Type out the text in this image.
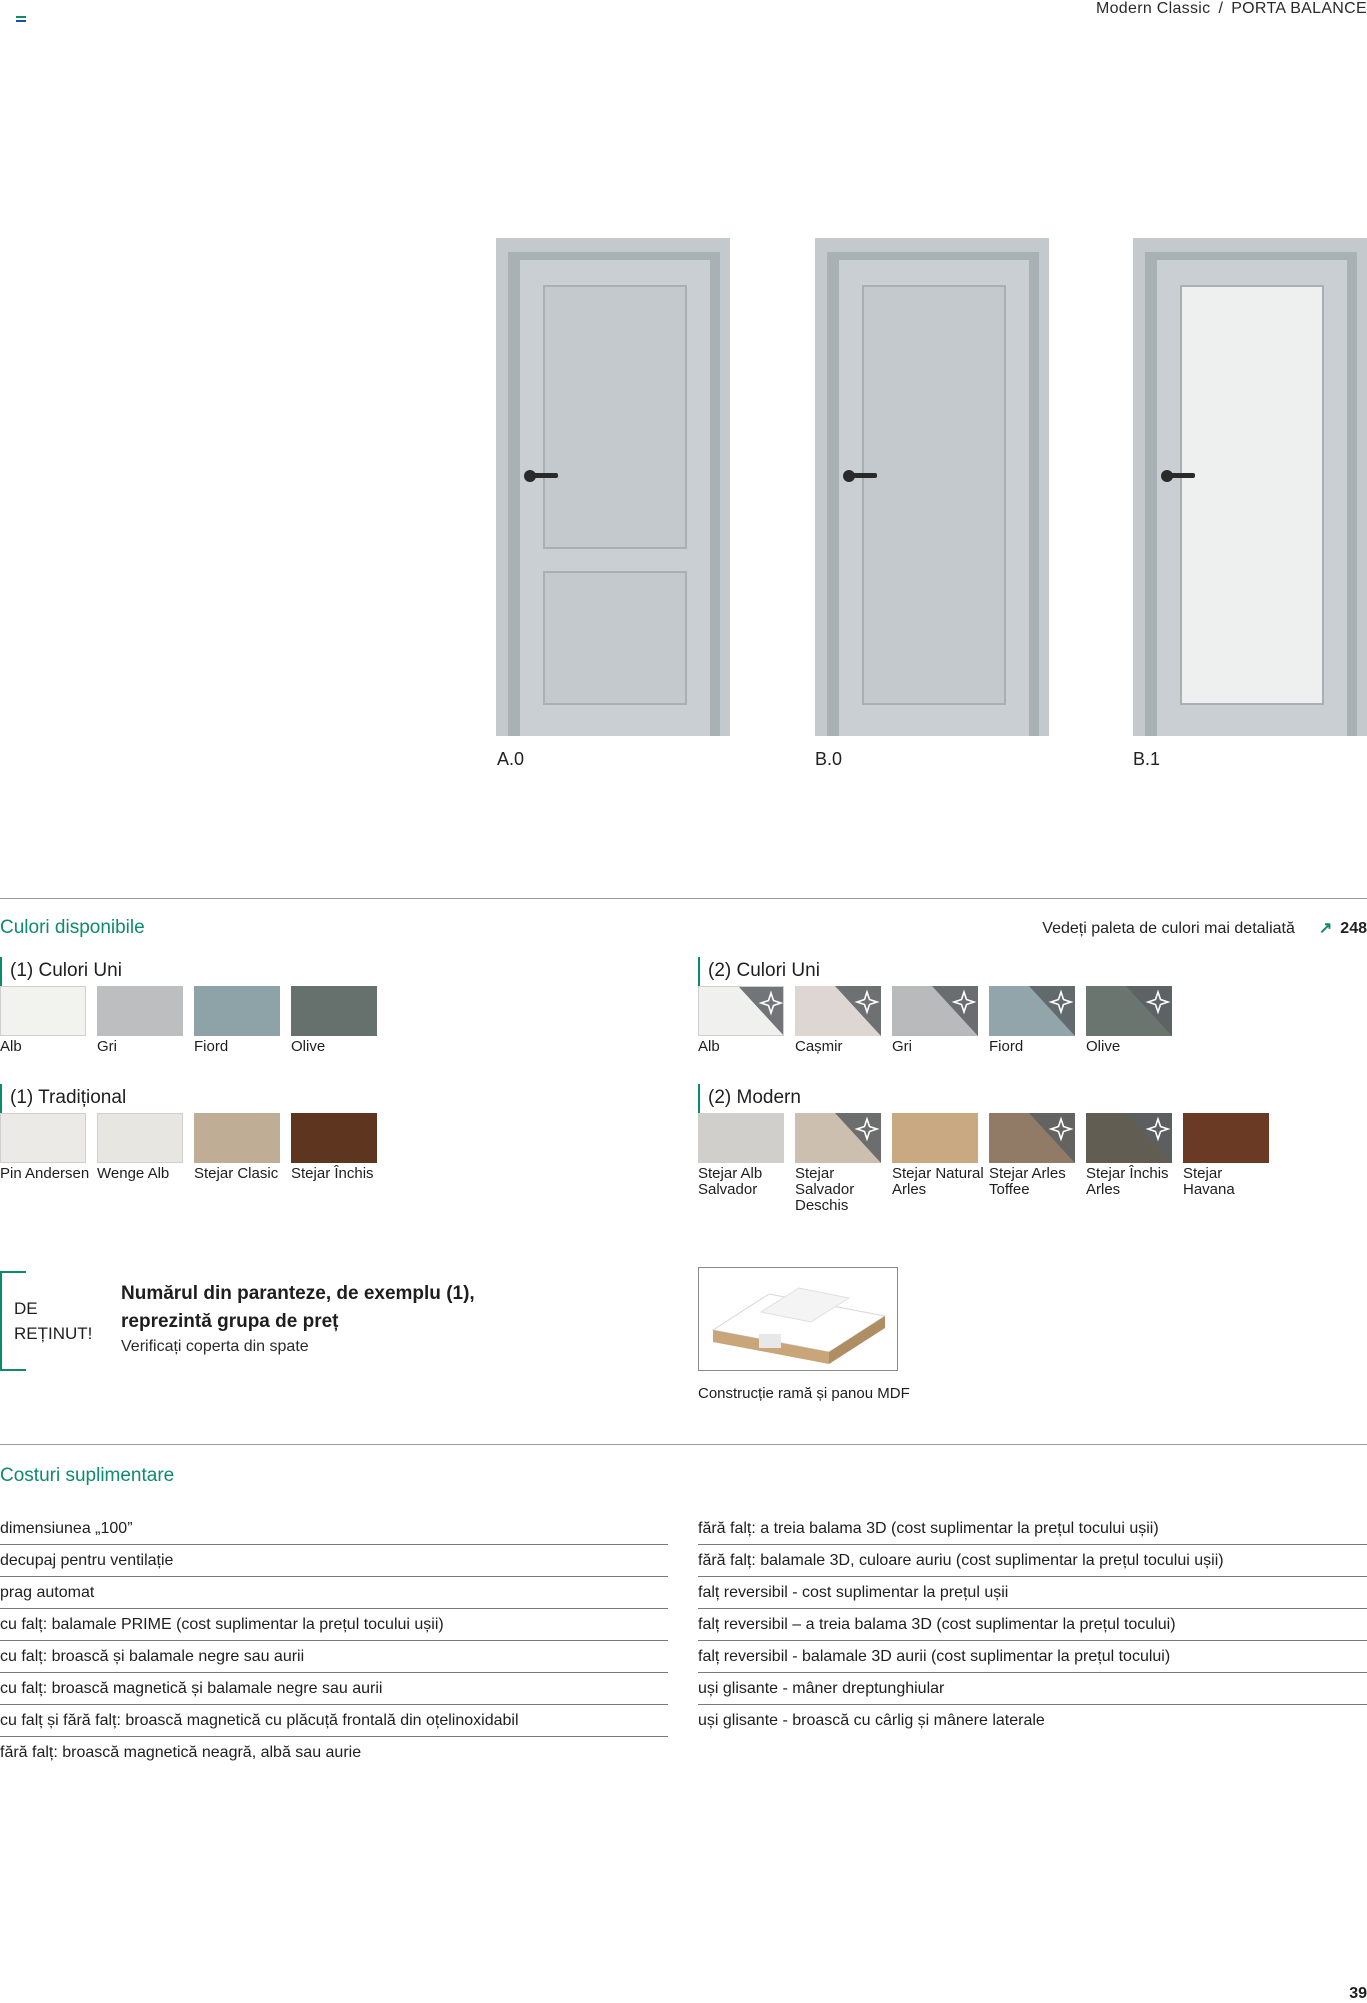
Modern Classic / PORTA BALANCE
A.0	B.0	B.1
Culori disponibile	Vedeți paleta de culori mai detaliată ↗ 248
(1) Culori Uni
Alb	Gri	Fiord	Olive
(2) Culori Uni
Alb	Cașmir	Gri	Fiord	Olive
(1) Tradițional
Pin Andersen Wenge Alb	Stejar Clasic Stejar Închis
(2) Modern
Stejar Alb Salvador
Stejar Salvador Deschis
Stejar Natural Arles
Stejar Arles Toffee
Stejar Închis Arles
Stejar Havana
DE
REȚINUT!
Numărul din paranteze, de exemplu (1), reprezintă grupa de preț
Verificați coperta din spate
Construcție ramă și panou MDF
Costuri suplimentare
dimensiunea „100”
decupaj pentru ventilație
prag automat
cu falț: balamale PRIME (cost suplimentar la prețul tocului ușii)
cu falț: broască și balamale negre sau aurii
cu falț: broască magnetică și balamale negre sau aurii
cu falț și fără falț: broască magnetică cu plăcuță frontală din oțelinoxidabil
fără falț: broască magnetică neagră, albă sau aurie
fără falț: a treia balama 3D (cost suplimentar la prețul tocului ușii)
fără falț: balamale 3D, culoare auriu (cost suplimentar la prețul tocului ușii)
falț reversibil - cost suplimentar la prețul ușii
falț reversibil – a treia balama 3D (cost suplimentar la prețul tocului)
falț reversibil - balamale 3D aurii (cost suplimentar la prețul tocului)
uși glisante - mâner dreptunghiular
uși glisante - broască cu cârlig și mânere laterale
39
